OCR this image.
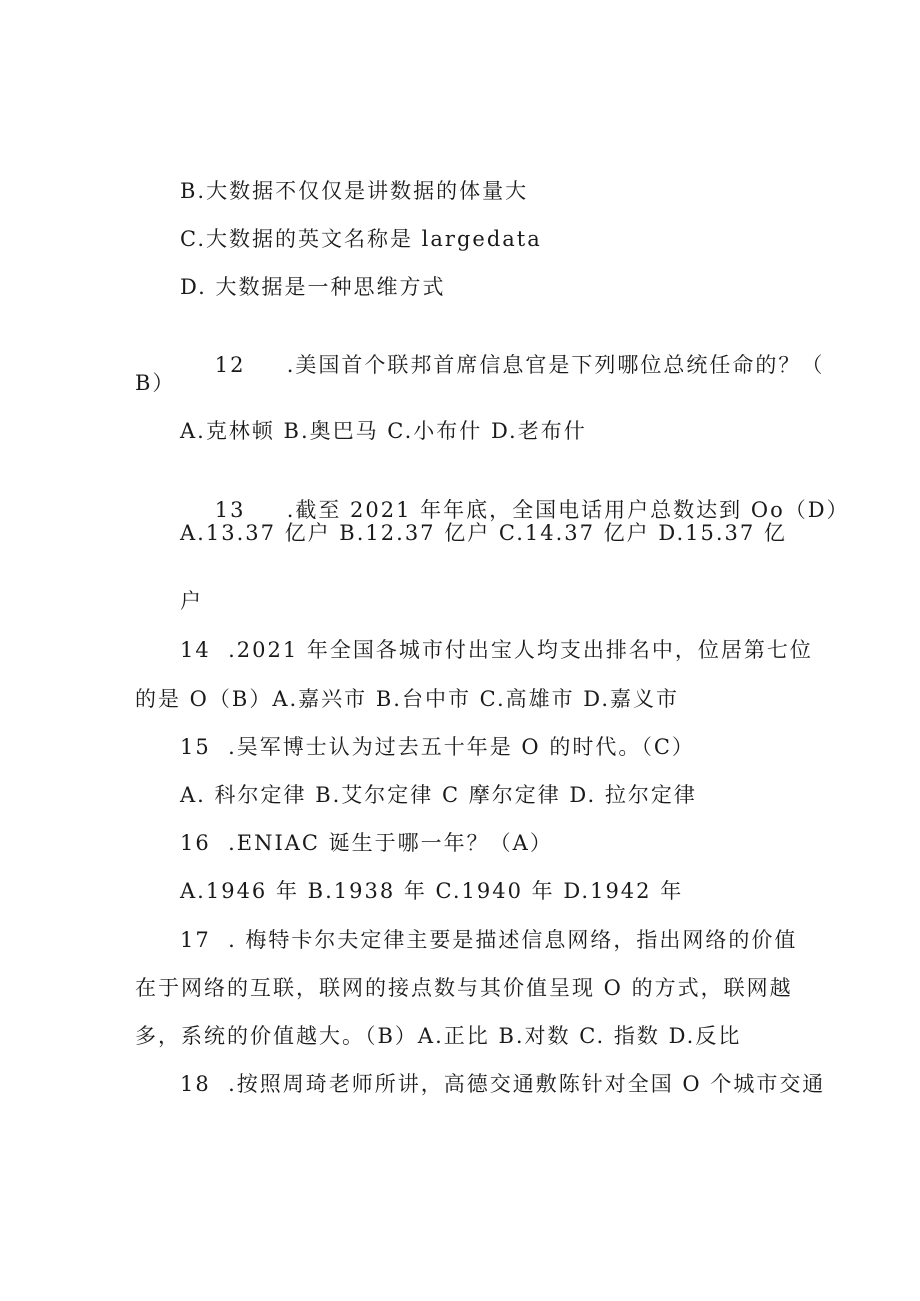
B.大数据不仅仅是讲数据的体量大
C.大数据的英文名称是 largedata
D. 大数据是一种思维方式

12 .美国首个联邦首席信息官是下列哪位总统任命的？（

B）
A.克林顿 B.奥巴马 C.小布什 D.老布什

13 .截至 2021 年年底，全国电话用户总数达到 Oo（D）

A.13.37 亿户 B.12.37 亿户 C.14.37 亿户 D.15.37 亿
户
14  .2021 年全国各城市付出宝人均支出排名中，位居第七位
的是 O（B）A.嘉兴市 B.台中市 C.高雄市 D.嘉义市
15  .吴军博士认为过去五十年是 O 的时代。（C）
A. 科尔定律 B.艾尔定律 C 摩尔定律 D. 拉尔定律
16  .ENIAC 诞生于哪一年？（A）
A.1946 年 B.1938 年 C.1940 年 D.1942 年
17  . 梅特卡尔夫定律主要是描述信息网络，指出网络的价值
在于网络的互联，联网的接点数与其价值呈现 O 的方式，联网越
多，系统的价值越大。（B）A.正比 B.对数 C. 指数 D.反比
18  .按照周琦老师所讲，高德交通敷陈针对全国 O 个城市交通
